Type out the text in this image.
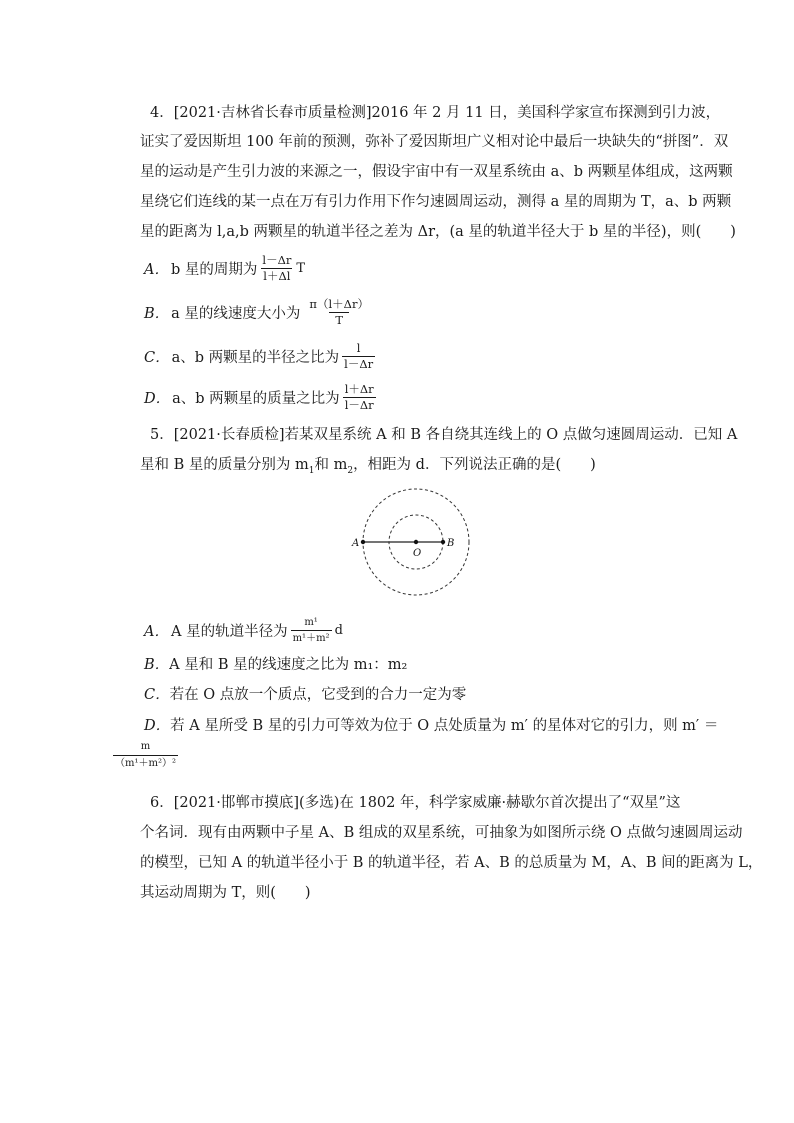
4．[2021·吉林省长春市质量检测]2016 年 2 月 11 日，美国科学家宣布探测到引力波，
证实了爱因斯坦 100 年前的预测，弥补了爱因斯坦广义相对论中最后一块缺失的“拼图”．双
星的运动是产生引力波的来源之一，假设宇宙中有一双星系统由 a、b 两颗星体组成，这两颗
星绕它们连线的某一点在万有引力作用下作匀速圆周运动，测得 a 星的周期为 T，a、b 两颗
星的距离为 l,a,b 两颗星的轨道半径之差为 Δr，(a 星的轨道半径大于 b 星的半径)，则(　　)
A． b 星的周期为 $\frac{l-\Delta r}{l+\Delta l}$ T
B． a 星的线速度大小为 $\frac{\pi(l+\Delta r)}{T}$
C． a、b 两颗星的半径之比为 $\frac{l}{l-\Delta r}$
D． a、b 两颗星的质量之比为 $\frac{l+\Delta r}{l-\Delta r}$
5．[2021·长春质检]若某双星系统 A 和 B 各自绕其连线上的 O 点做匀速圆周运动．已知 A
星和 B 星的质量分别为 $m_1$和 $m_2$，相距为 d．下列说法正确的是(　　)
A
O
B
A． A 星的轨道半径为 $\frac{\text{m¹}}{\text{m¹＋m²}}$ d
B．A 星和 B 星的线速度之比为 m₁：m₂
C．若在 O 点放一个质点，它受到的合力一定为零
D．若 A 星所受 B 星的引力可等效为位于 O 点处质量为 m′ 的星体对它的引力，则 m′ ＝
$\frac{m}{\text{（m¹＋m²）²}}$
6．[2021·邯郸市摸底](多选)在 1802 年，科学家威廉·赫歇尔首次提出了“双星”这
个名词．现有由两颗中子星 A、B 组成的双星系统，可抽象为如图所示绕 O 点做匀速圆周运动
的模型，已知 A 的轨道半径小于 B 的轨道半径，若 A、B 的总质量为 M，A、B 间的距离为 L，
其运动周期为 T，则(　　)
